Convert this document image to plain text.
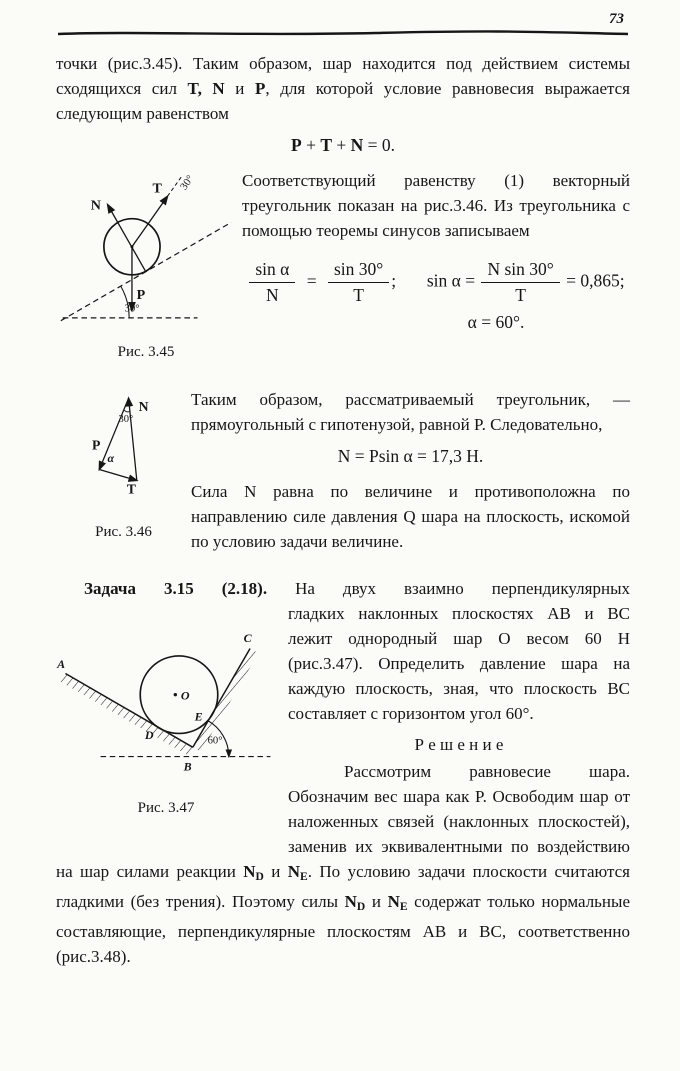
73

точки (рис.3.45). Таким образом, шар находится под действием системы сходящихся сил T, N и P, для которой условие равновесия выражается следующим равенством

P + T + N = 0.
30°
N
T 30°
P
Рис. 3.45

Соответствующий равенству (1) векторный треугольник показан на рис.3.46. Из треугольника с помощью теоремы синусов записываем

$\frac{\text{sin α}}{N} = \frac{\sin 30^\circ}{T}$ ; $\sin \alpha = \frac{\text{N sin 30°}}{T} = 0,865$;
α = 60°.
30°
α
N
P
T
Рис. 3.46

Таким образом, рассматриваемый треугольник, — прямоугольный с гипотенузой, равной P. Следовательно,

N = Psin α = 17,3 Н.

Сила N равна по величине и противоположна по направлению силе давления Q шара на плоскость, искомой по условию задачи величине.

Задача 3.15 (2.18). На двух взаимно перпендикулярных

60°
O
A
B
C
D
E
Рис. 3.47

гладких наклонных плоскостях AB и BC лежит однородный шар O весом 60 Н (рис.3.47). Определить давление шара на каждую плоскость, зная, что плоскость BC составляет с горизонтом угол 60°.

Р е ш е н и е

Рассмотрим равновесие шара. Обозначим вес шара как P. Освободим шар от наложенных связей (наклонных плоскостей), заменив их эквивалентными по воздействию на шар силами реакции $N_D$ и $N_E$. По условию задачи плоскости считаются гладкими (без трения). Поэтому силы $N_D$ и $N_E$ содержат только нормальные составляющие, перпендикулярные плоскостям AB и BC, соответственно (рис.3.48).
